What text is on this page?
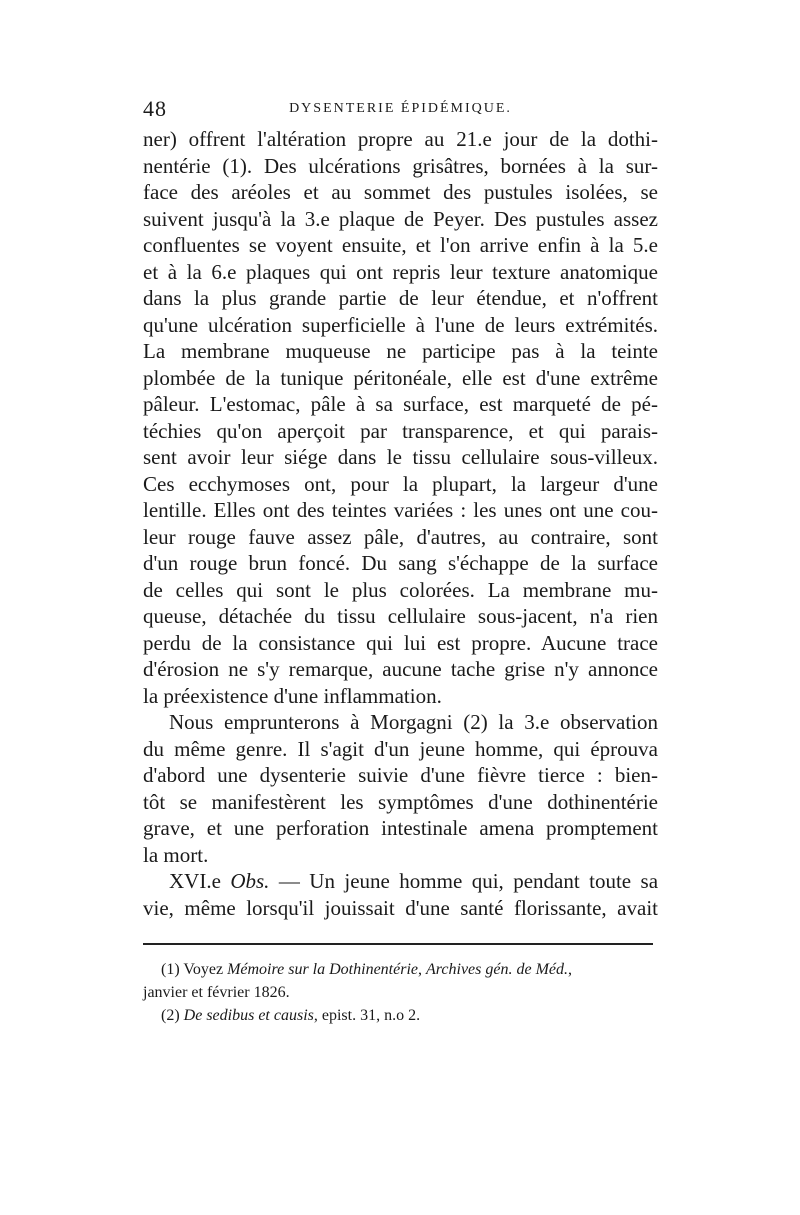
48	DYSENTERIE ÉPIDÉMIQUE.
ner) offrent l'altération propre au 21.e jour de la dothi-
nentérie (1). Des ulcérations grisâtres, bornées à la sur-
face des aréoles et au sommet des pustules isolées, se
suivent jusqu'à la 3.e plaque de Peyer. Des pustules assez
confluentes se voyent ensuite, et l'on arrive enfin à la 5.e
et à la 6.e plaques qui ont repris leur texture anatomique
dans la plus grande partie de leur étendue, et n'offrent
qu'une ulcération superficielle à l'une de leurs extrémités.
La membrane muqueuse ne participe pas à la teinte
plombée de la tunique péritonéale, elle est d'une extrême
pâleur. L'estomac, pâle à sa surface, est marqueté de pé-
téchies qu'on aperçoit par transparence, et qui parais-
sent avoir leur siége dans le tissu cellulaire sous-villeux.
Ces ecchymoses ont, pour la plupart, la largeur d'une
lentille. Elles ont des teintes variées : les unes ont une cou-
leur rouge fauve assez pâle, d'autres, au contraire, sont
d'un rouge brun foncé. Du sang s'échappe de la surface
de celles qui sont le plus colorées. La membrane mu-
queuse, détachée du tissu cellulaire sous-jacent, n'a rien
perdu de la consistance qui lui est propre. Aucune trace
d'érosion ne s'y remarque, aucune tache grise n'y annonce
la préexistence d'une inflammation.
Nous emprunterons à Morgagni (2) la 3.e observation
du même genre. Il s'agit d'un jeune homme, qui éprouva
d'abord une dysenterie suivie d'une fièvre tierce : bien-
tôt se manifestèrent les symptômes d'une dothinentérie
grave, et une perforation intestinale amena promptement
la mort.
XVI.e Obs. — Un jeune homme qui, pendant toute sa
vie, même lorsqu'il jouissait d'une santé florissante, avait
(1) Voyez Mémoire sur la Dothinentérie, Archives gén. de Méd.,
janvier et février 1826.
(2) De sedibus et causis, epist. 31, n.o 2.
